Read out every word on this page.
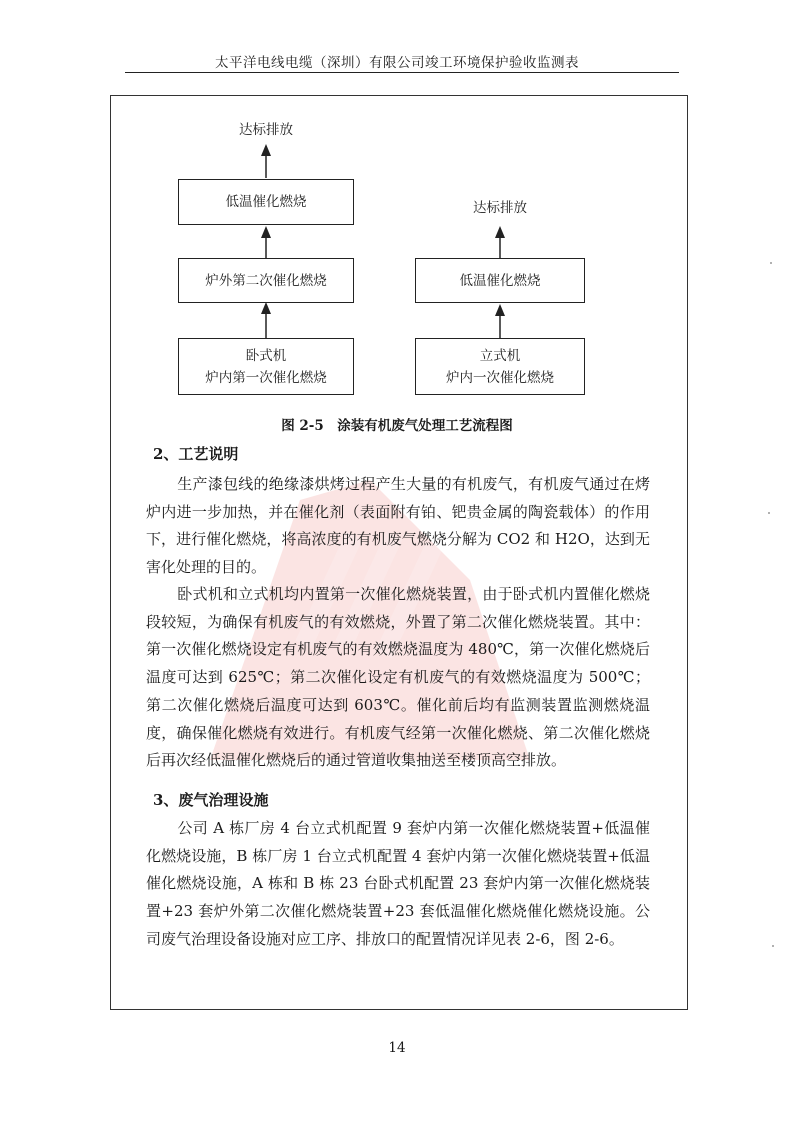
太平洋电线电缆（深圳）有限公司竣工环境保护验收监测表
达标排放
低温催化燃烧
炉外第二次催化燃烧
卧式机
炉内第一次催化燃烧
达标排放
低温催化燃烧
立式机
炉内一次催化燃烧
图 2-5　涂装有机废气处理工艺流程图
2、工艺说明
生产漆包线的绝缘漆烘烤过程产生大量的有机废气，有机废气通过在烤炉内进一步加热，并在催化剂（表面附有铂、钯贵金属的陶瓷载体）的作用下，进行催化燃烧，将高浓度的有机废气燃烧分解为 CO2 和 H2O，达到无害化处理的目的。
卧式机和立式机均内置第一次催化燃烧装置，由于卧式机内置催化燃烧段较短，为确保有机废气的有效燃烧，外置了第二次催化燃烧装置。其中：第一次催化燃烧设定有机废气的有效燃烧温度为 480℃，第一次催化燃烧后温度可达到 625℃；第二次催化设定有机废气的有效燃烧温度为 500℃；第二次催化燃烧后温度可达到 603℃。催化前后均有监测装置监测燃烧温度，确保催化燃烧有效进行。有机废气经第一次催化燃烧、第二次催化燃烧后再次经低温催化燃烧后的通过管道收集抽送至楼顶高空排放。
3、废气治理设施
公司 A 栋厂房 4 台立式机配置 9 套炉内第一次催化燃烧装置+低温催化燃烧设施，B 栋厂房 1 台立式机配置 4 套炉内第一次催化燃烧装置+低温催化燃烧设施，A 栋和 B 栋 23 台卧式机配置 23 套炉内第一次催化燃烧装置+23 套炉外第二次催化燃烧装置+23 套低温催化燃烧催化燃烧设施。公司废气治理设备设施对应工序、排放口的配置情况详见表 2-6，图 2-6。
14
